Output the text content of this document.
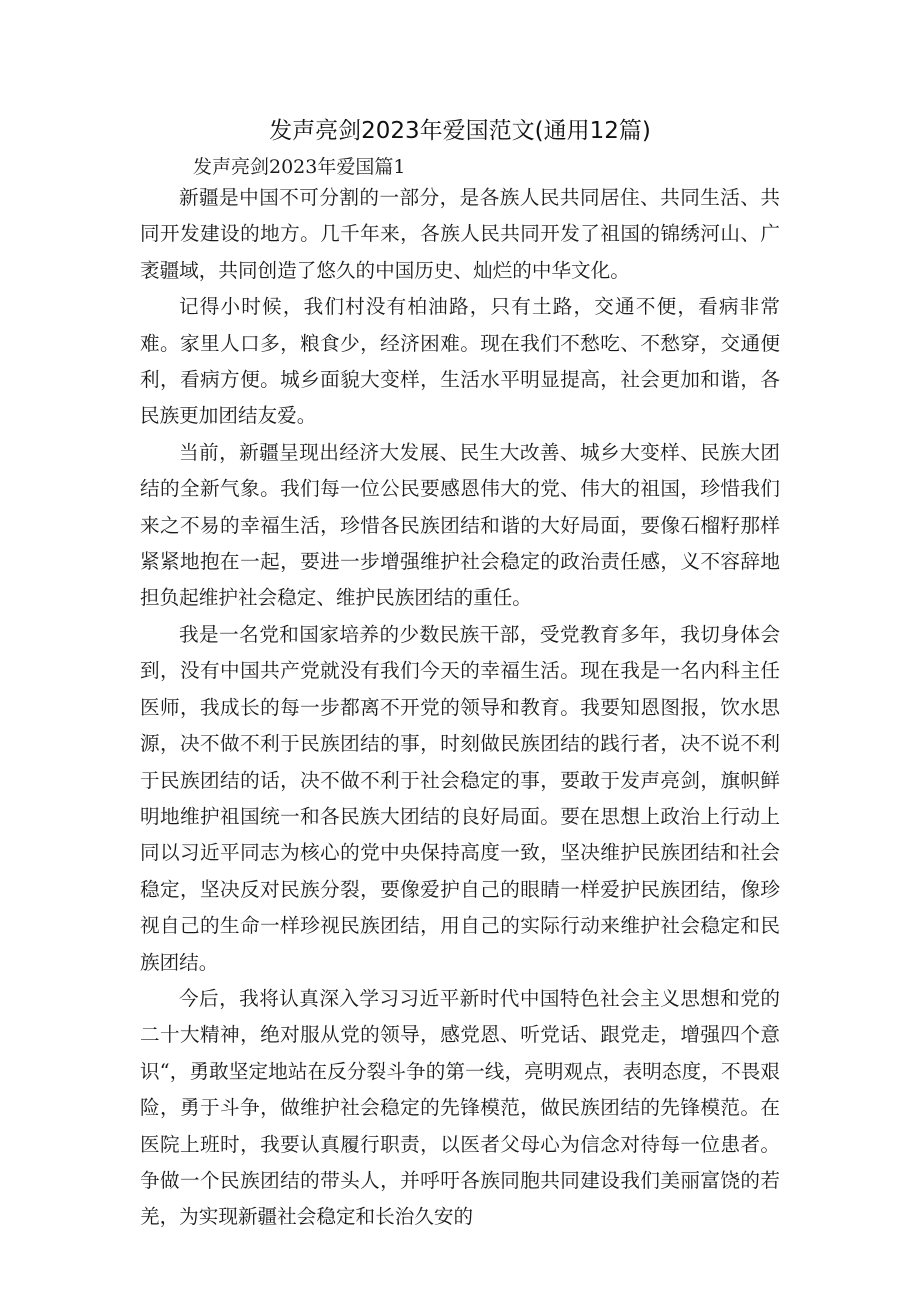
发声亮剑2023年爱国范文(通用12篇)
发声亮剑2023年爱国篇1

新疆是中国不可分割的一部分，是各族人民共同居住、共同生活、共同开发建设的地方。几千年来，各族人民共同开发了祖国的锦绣河山、广袤疆域，共同创造了悠久的中国历史、灿烂的中华文化。

记得小时候，我们村没有柏油路，只有土路，交通不便，看病非常难。家里人口多，粮食少，经济困难。现在我们不愁吃、不愁穿，交通便利，看病方便。城乡面貌大变样，生活水平明显提高，社会更加和谐，各民族更加团结友爱。

当前，新疆呈现出经济大发展、民生大改善、城乡大变样、民族大团结的全新气象。我们每一位公民要感恩伟大的党、伟大的祖国，珍惜我们来之不易的幸福生活，珍惜各民族团结和谐的大好局面，要像石榴籽那样紧紧地抱在一起，要进一步增强维护社会稳定的政治责任感，义不容辞地担负起维护社会稳定、维护民族团结的重任。

我是一名党和国家培养的少数民族干部，受党教育多年，我切身体会到，没有中国共产党就没有我们今天的幸福生活。现在我是一名内科主任医师，我成长的每一步都离不开党的领导和教育。我要知恩图报，饮水思源，决不做不利于民族团结的事，时刻做民族团结的践行者，决不说不利于民族团结的话，决不做不利于社会稳定的事，要敢于发声亮剑，旗帜鲜明地维护祖国统一和各民族大团结的良好局面。要在思想上政治上行动上同以习近平同志为核心的党中央保持高度一致，坚决维护民族团结和社会稳定，坚决反对民族分裂，要像爱护自己的眼睛一样爱护民族团结，像珍视自己的生命一样珍视民族团结，用自己的实际行动来维护社会稳定和民族团结。

今后，我将认真深入学习习近平新时代中国特色社会主义思想和党的二十大精神，绝对服从党的领导，感党恩、听党话、跟党走，增强四个意识“，勇敢坚定地站在反分裂斗争的第一线，亮明观点，表明态度，不畏艰险，勇于斗争，做维护社会稳定的先锋模范，做民族团结的先锋模范。在医院上班时，我要认真履行职责，以医者父母心为信念对待每一位患者。争做一个民族团结的带头人，并呼吁各族同胞共同建设我们美丽富饶的若羌，为实现新疆社会稳定和长治久安的
